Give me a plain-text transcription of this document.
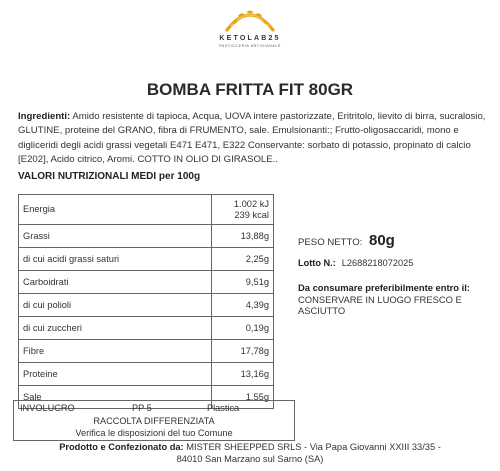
KETOLAB25
PASTICCERIA ARTIGIANALE
BOMBA FRITTA FIT 80GR
Ingredienti: Amido resistente di tapioca, Acqua, UOVA intere pastorizzate, Eritritolo, lievito di birra, sucralosio, GLUTINE, proteine del GRANO, fibra di FRUMENTO, sale. Emulsionanti:; Frutto-oligosaccaridi, mono e digliceridi degli acidi grassi vegetali E471 E471, E322 Conservante: sorbato di potassio, propinato di calcio [E202], Acido citrico, Aromi. COTTO IN OLIO DI GIRASOLE..
VALORI NUTRIZIONALI MEDI per 100g
Energia	1.002 kJ
239 kcal

Grassi	13,88g
di cui acidi grassi saturi	2,25g
Carboidrati	9,51g
di cui polioli	4,39g
di cui zuccheri	0,19g
Fibre	17,78g
Proteine	13,16g
Sale	1,55g
PESO NETTO: 80g
Lotto N.: L2688218072025
Da consumare preferibilmente entro il:
CONSERVARE IN LUOGO FRESCO E ASCIUTTO
INVOLUCRO	PP 5	Plastica
RACCOLTA DIFFERENZIATA
Verifica le disposizioni del tuo Comune
Prodotto e Confezionato da: MISTER SHEEPPED SRLS - Via Papa Giovanni XXIII 33/35 -
84010 San Marzano sul Sarno (SA)
